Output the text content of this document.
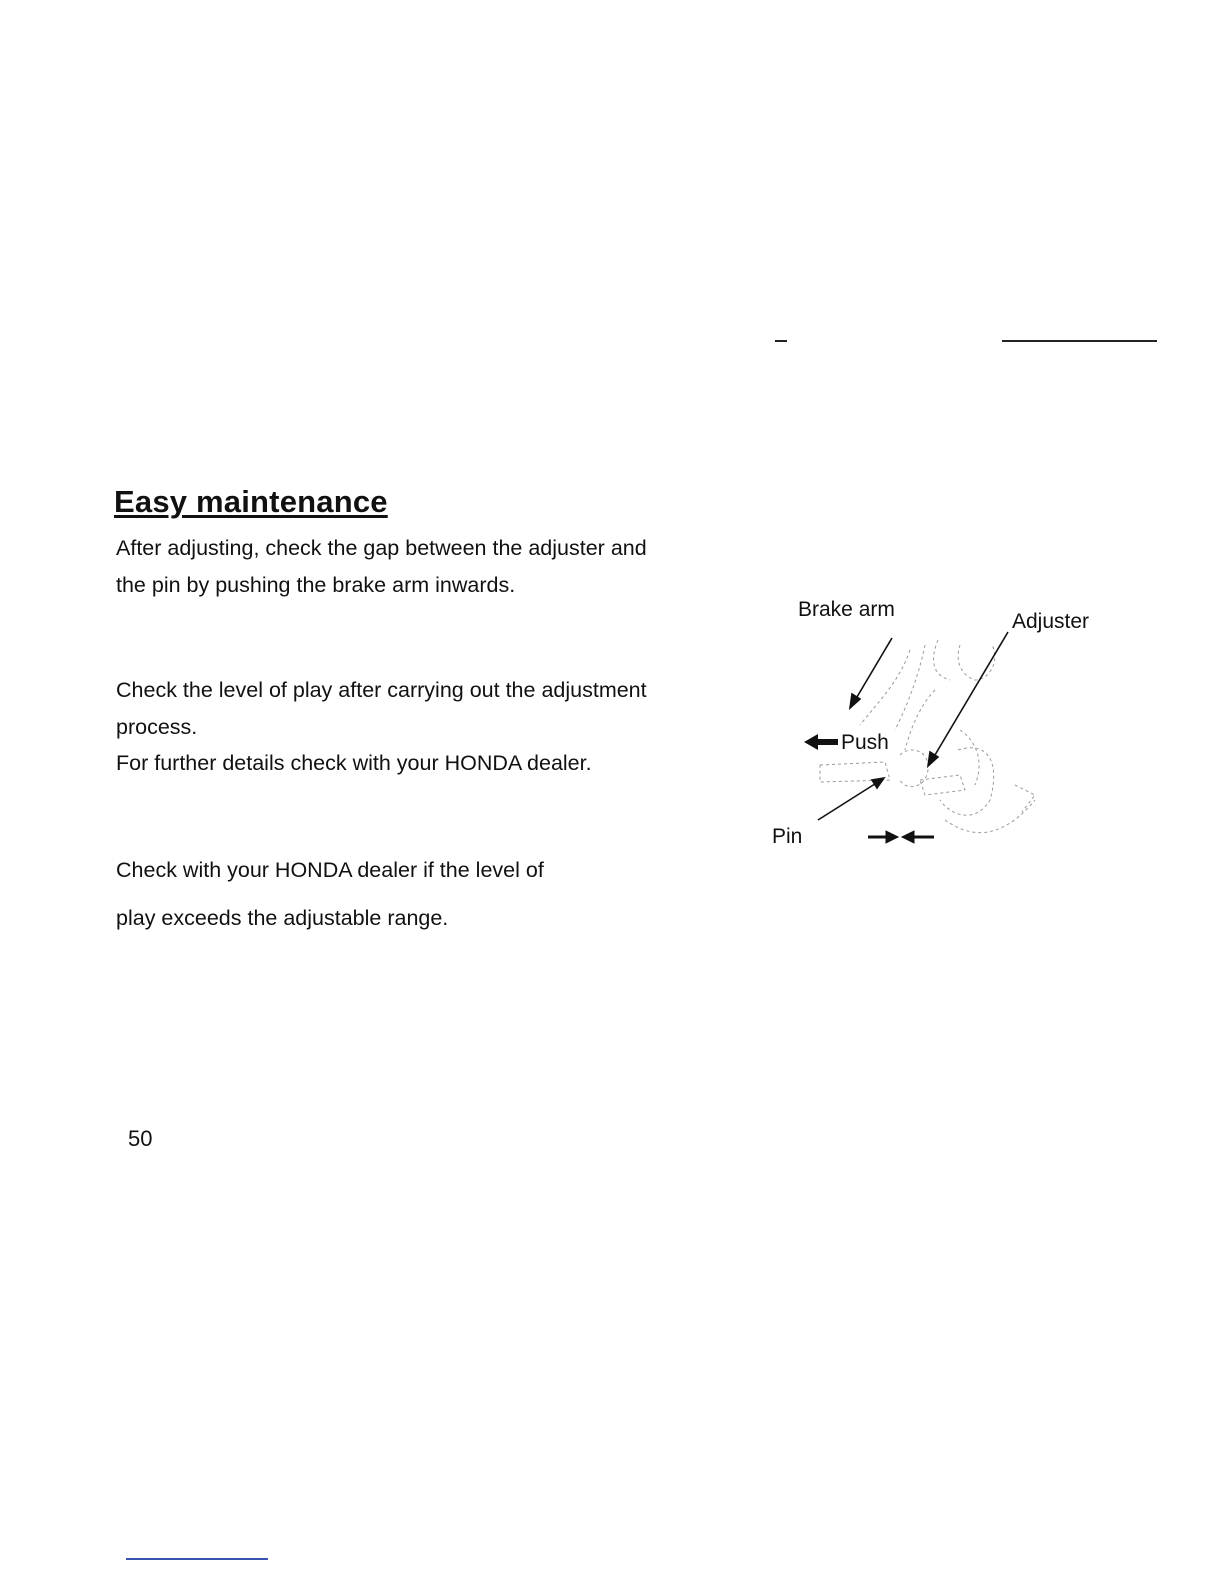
Easy maintenance

After adjusting, check the gap between the adjuster and the pin by pushing the brake arm inwards.

Check the level of play after carrying out the adjustment process.

For further details check with your HONDA dealer.

Check with your HONDA dealer if the level of

play exceeds the adjustable range.

Brake arm
Adjuster
Push
Pin
50
